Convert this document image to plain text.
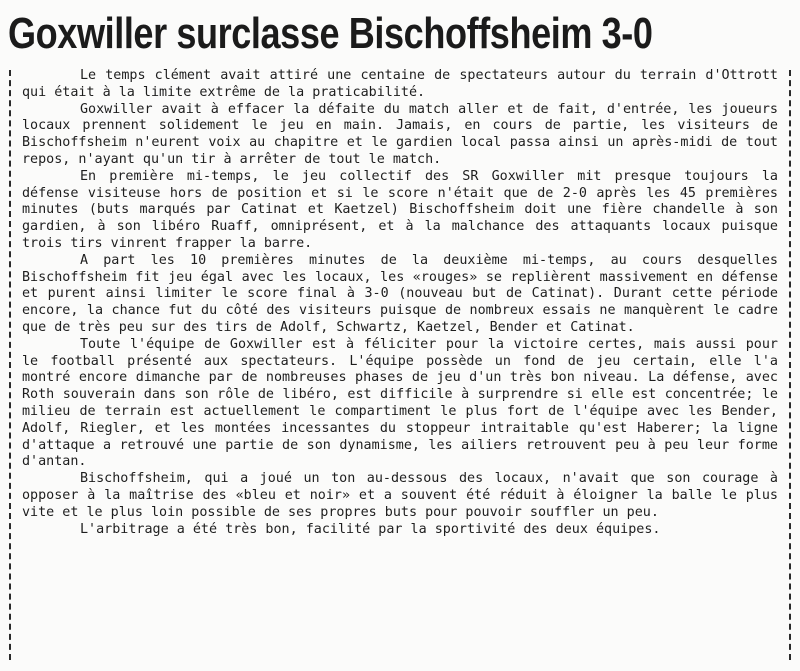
Goxwiller surclasse Bischoffsheim 3-0

Le temps clément avait attiré une centaine de spectateurs autour du terrain d'Ottrott qui était à la limite extrême de la praticabilité.

Goxwiller avait à effacer la défaite du match aller et de fait, d'entrée, les joueurs locaux prennent solidement le jeu en main. Jamais, en cours de partie, les visiteurs de Bischoffsheim n'eurent voix au chapitre et le gardien local passa ainsi un après-midi de tout repos, n'ayant qu'un tir à arrêter de tout le match.

En première mi-temps, le jeu collectif des SR Goxwiller mit presque toujours la défense visiteuse hors de position et si le score n'était que de 2-0 après les 45 premières minutes (buts marqués par Catinat et Kaetzel) Bischoffsheim doit une fière chandelle à son gardien, à son libéro Ruaff, omniprésent, et à la malchance des attaquants locaux puisque trois tirs vinrent frapper la barre.

A part les 10 premières minutes de la deuxième mi-temps, au cours desquelles Bischoffsheim fit jeu égal avec les locaux, les «rouges» se replièrent massivement en défense et purent ainsi limiter le score final à 3-0 (nouveau but de Catinat). Durant cette période encore, la chance fut du côté des visiteurs puisque de nombreux essais ne manquèrent le cadre que de très peu sur des tirs de Adolf, Schwartz, Kaetzel, Bender et Catinat.

Toute l'équipe de Goxwiller est à féliciter pour la victoire certes, mais aussi pour le football présenté aux spectateurs. L'équipe possède un fond de jeu certain, elle l'a montré encore dimanche par de nombreuses phases de jeu d'un très bon niveau. La défense, avec Roth souverain dans son rôle de libéro, est difficile à surprendre si elle est concentrée; le milieu de terrain est actuellement le compartiment le plus fort de l'équipe avec les Bender, Adolf, Riegler, et les montées incessantes du stoppeur intraitable qu'est Haberer; la ligne d'attaque a retrouvé une partie de son dynamisme, les ailiers retrouvent peu à peu leur forme d'antan.

Bischoffsheim, qui a joué un ton au-dessous des locaux, n'avait que son courage à opposer à la maîtrise des «bleu et noir» et a souvent été réduit à éloigner la balle le plus vite et le plus loin possible de ses propres buts pour pouvoir souffler un peu.

L'arbitrage a été très bon, facilité par la sportivité des deux équipes.
